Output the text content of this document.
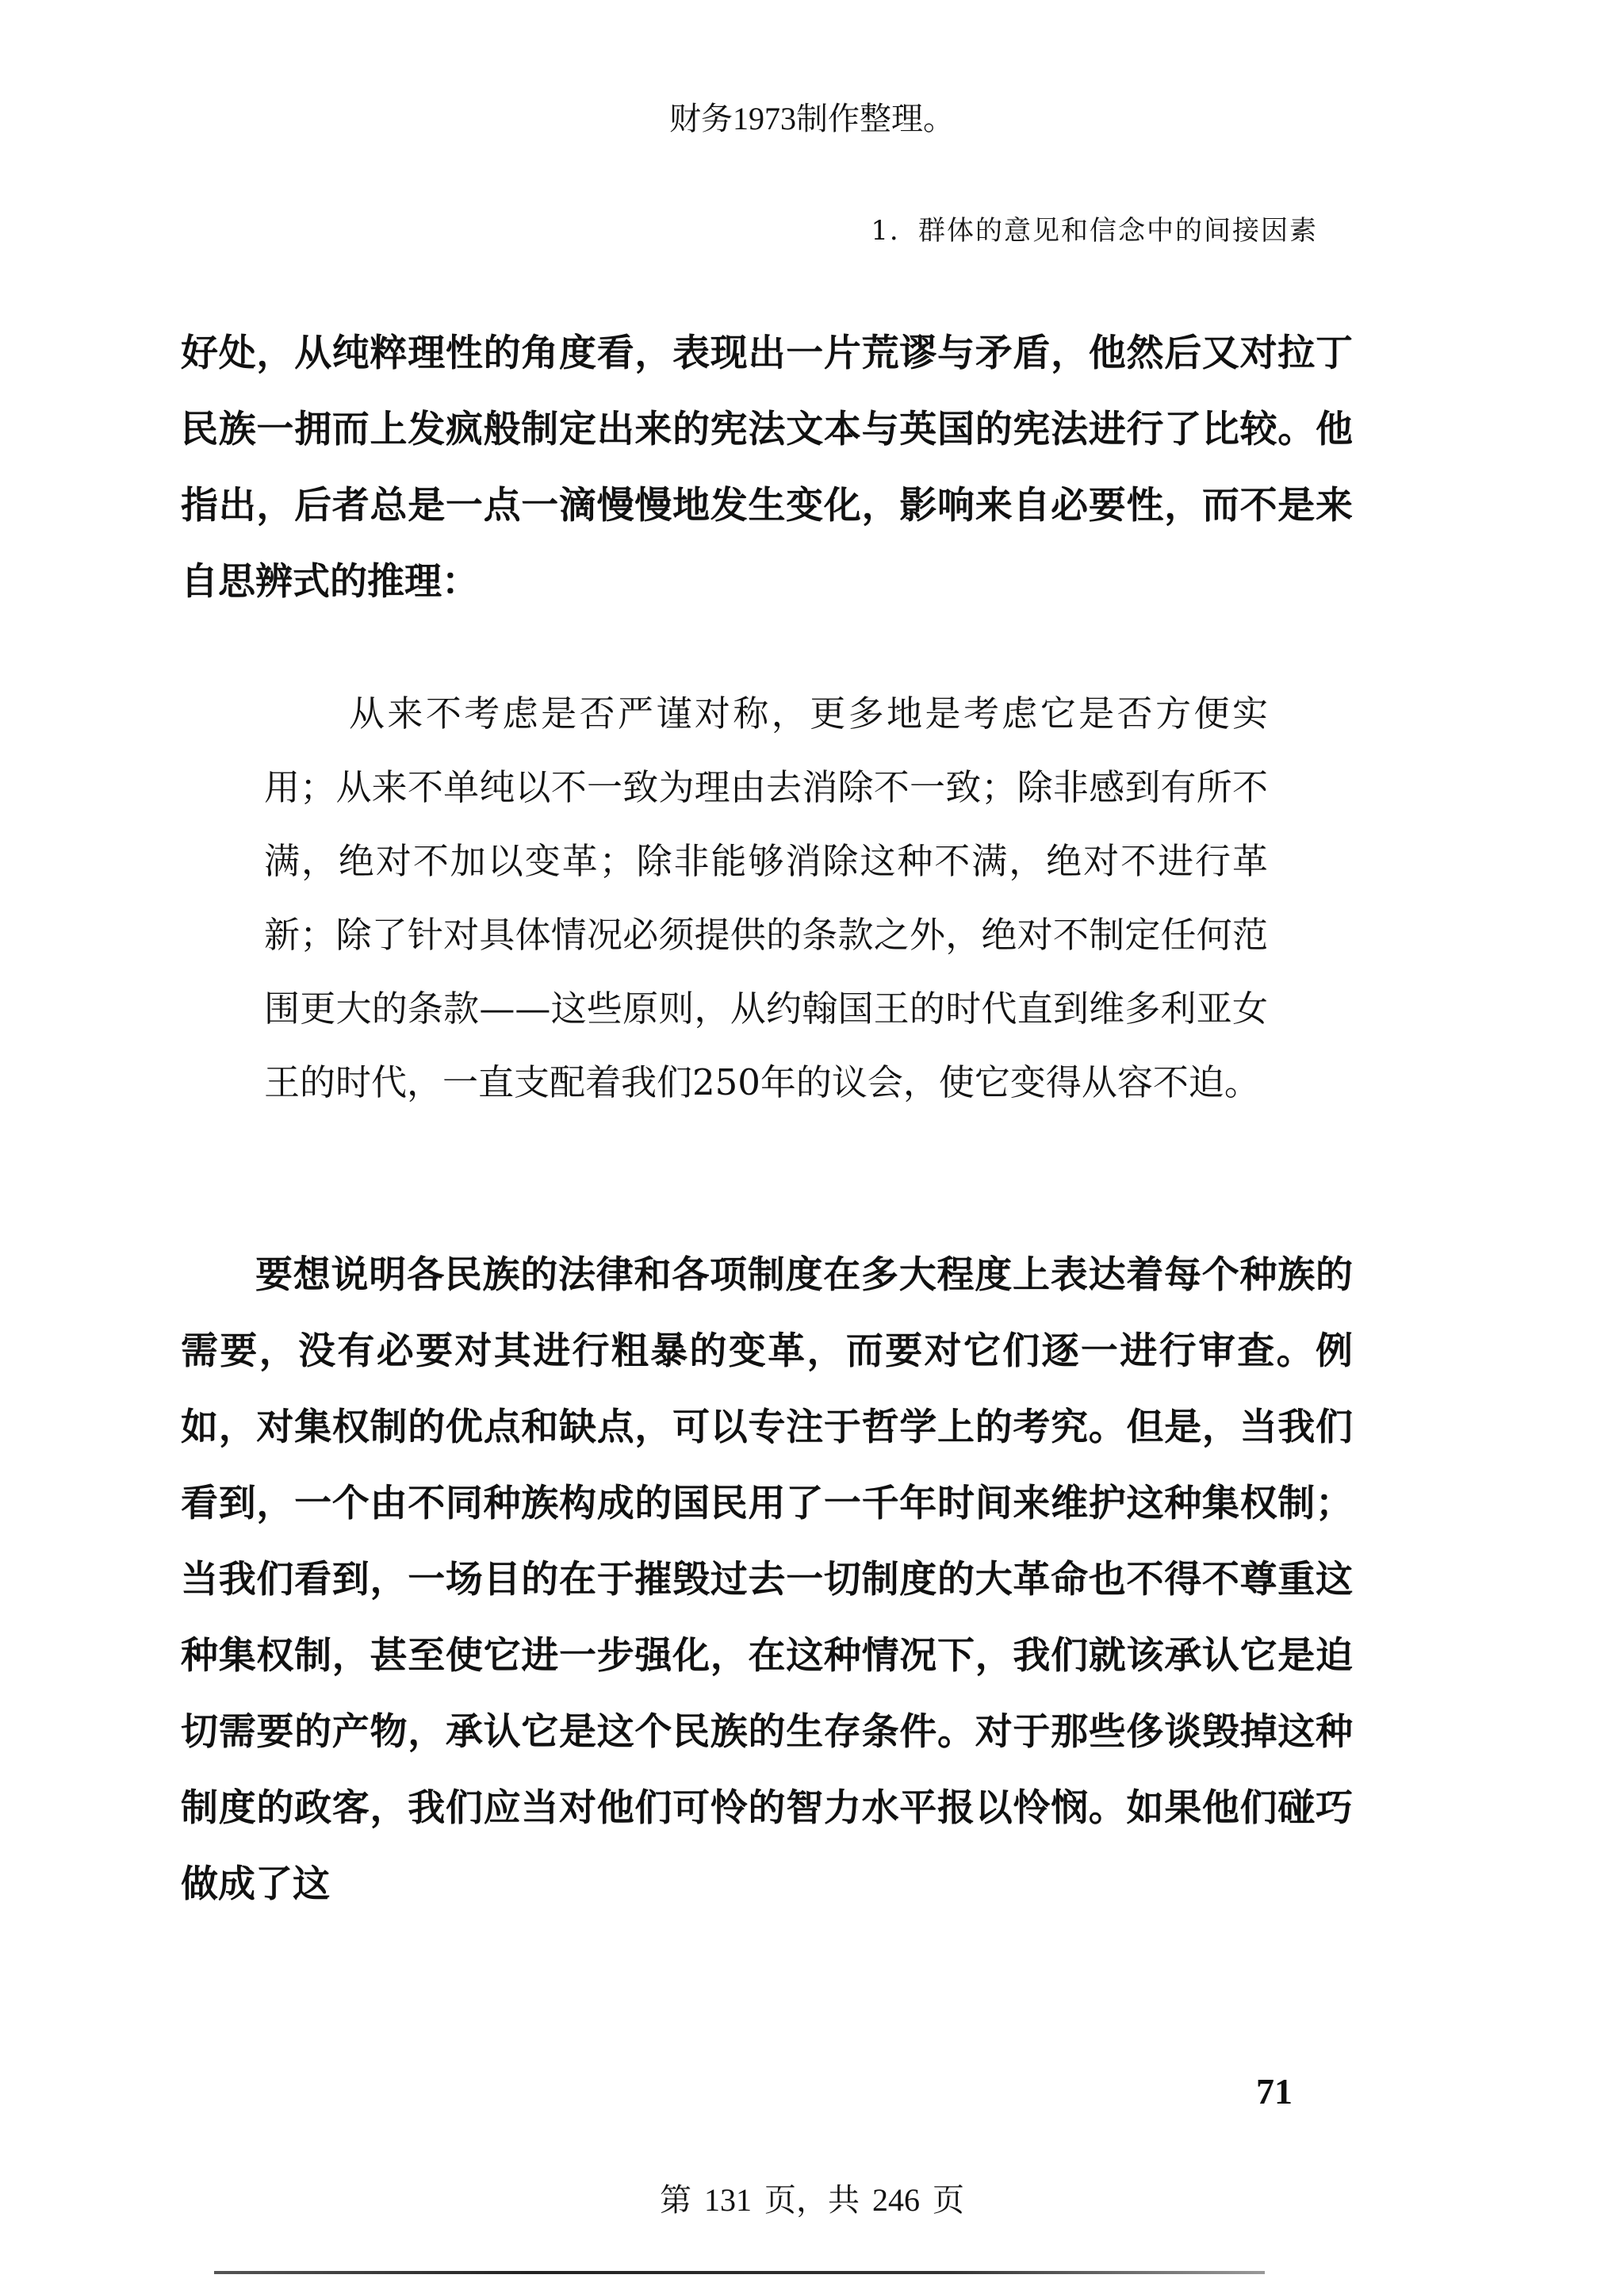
财务1973制作整理。
1．群体的意见和信念中的间接因素

好处，从纯粹理性的角度看，表现出一片荒谬与矛盾，他然后又对拉丁民族一拥而上发疯般制定出来的宪法文本与英国的宪法进行了比较。他指出，后者总是一点一滴慢慢地发生变化，影响来自必要性，而不是来自思辨式的推理：

从来不考虑是否严谨对称，更多地是考虑它是否方便实用；从来不单纯以不一致为理由去消除不一致；除非感到有所不满，绝对不加以变革；除非能够消除这种不满，绝对不进行革新；除了针对具体情况必须提供的条款之外，绝对不制定任何范围更大的条款——这些原则，从约翰国王的时代直到维多利亚女王的时代，一直支配着我们250年的议会，使它变得从容不迫。

要想说明各民族的法律和各项制度在多大程度上表达着每个种族的需要，没有必要对其进行粗暴的变革，而要对它们逐一进行审查。例如，对集权制的优点和缺点，可以专注于哲学上的考究。但是，当我们看到，一个由不同种族构成的国民用了一千年时间来维护这种集权制；当我们看到，一场目的在于摧毁过去一切制度的大革命也不得不尊重这种集权制，甚至使它进一步强化，在这种情况下，我们就该承认它是迫切需要的产物，承认它是这个民族的生存条件。对于那些侈谈毁掉这种制度的政客，我们应当对他们可怜的智力水平报以怜悯。如果他们碰巧做成了这

71
第 131 页，共 246 页
